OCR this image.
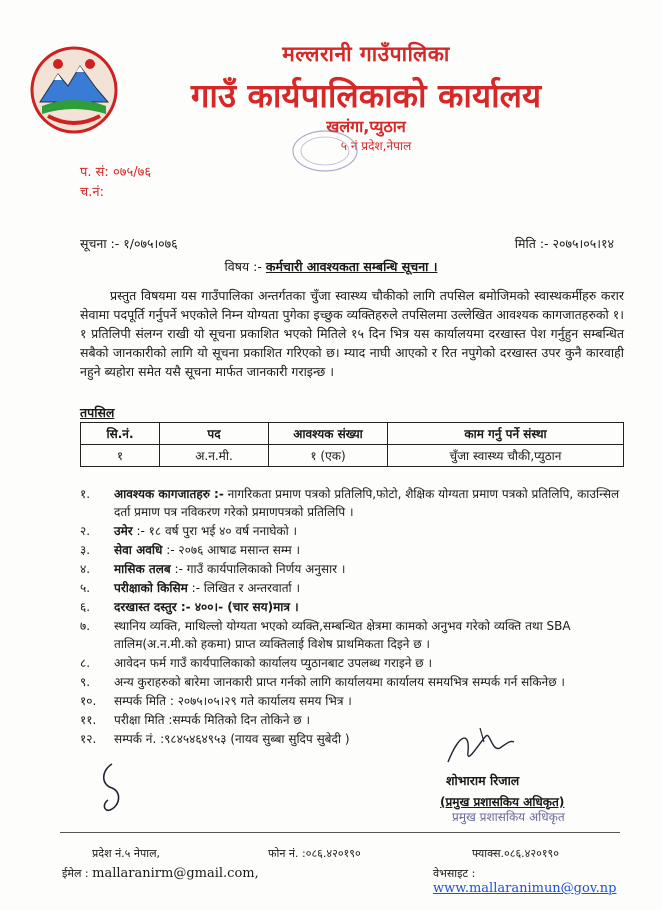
मल्लरानी गाउँपालिका
गाउँ कार्यपालिकाको कार्यालय
खलंगा,प्युठान
५ नं प्रदेश,नेपाल
प. सं: ०७५/७६
च.नं:
सूचना :- १/०७५।०७६	मिति :- २०७५।०५।१४
विषय :- कर्मचारी आवश्यकता सम्बन्धि सूचना ।
प्रस्तुत विषयमा यस गाउँपालिका अन्तर्गतका चुँजा स्वास्थ्य चौकीको लागि तपसिल बमोजिमको स्वास्थकर्मीहरु करार सेवामा पदपूर्ति गर्नुपर्ने भएकोले निम्न योग्यता पुगेका इच्छुक व्यक्तिहरुले तपसिलमा उल्लेखित आवश्यक कागजातहरुको १।१ प्रतिलिपी संलग्न राखी यो सूचना प्रकाशित भएको मितिले १५ दिन भित्र यस कार्यालयमा दरखास्त पेश गर्नुहुन सम्बन्धित सबैको जानकारीको लागि यो सूचना प्रकाशित गरिएको छ। म्याद नाघी आएको र रित नपुगेको दरखास्त उपर कुनै कारवाही नहुने ब्यहोरा समेत यसै सूचना मार्फत जानकारी गराइन्छ ।
तपसिल
सि.नं.	पद	आवश्यक संख्या	काम गर्नु पर्ने संस्था
१	अ.न.मी.	१ (एक)	चुँजा स्वास्थ्य चौकी,प्युठान
१.	आवश्यक कागजातहरु :- नागरिकता प्रमाण पत्रको प्रतिलिपि,फोटो, शैक्षिक योग्यता प्रमाण पत्रको प्रतिलिपि, काउन्सिल दर्ता प्रमाण पत्र नविकरण गरेको प्रमाणपत्रको प्रतिलिपि ।
२.	उमेर :- १८ वर्ष पुरा भई ४० वर्ष ननाघेको ।
३.	सेवा अवधि :- २०७६ आषाढ मसान्त सम्म ।
४.	मासिक तलब :- गाउँ कार्यपालिकाको निर्णय अनुसार ।
५.	परीक्षाको किसिम :- लिखित र अन्तरवार्ता ।
६.	दरखास्त दस्तुर :- ४००।- (चार सय)मात्र ।
७.	स्थानिय व्यक्ति, माथिल्लो योग्यता भएको व्यक्ति,सम्बन्धित क्षेत्रमा कामको अनुभव गरेको व्यक्ति तथा SBA तालिम(अ.न.मी.को हकमा) प्राप्त व्यक्तिलाई विशेष प्राथमिकता दिइने छ ।
८.	आवेदन फर्म गाउँ कार्यपालिकाको कार्यालय प्युठानबाट उपलब्ध गराइने छ ।
९.	अन्य कुराहरुको बारेमा जानकारी प्राप्त गर्नको लागि कार्यालयमा कार्यालय समयभित्र सम्पर्क गर्न सकिनेछ ।
१०.	सम्पर्क मिति : २०७५।०५।२९ गते कार्यालय समय भित्र ।
११.	परीक्षा मिति :सम्पर्क मितिको दिन तोकिने छ ।
१२.	सम्पर्क नं. :९८४५४६४९५३ (नायव सुब्बा सुदिप सुबेदी )
शोभाराम रिजाल
(प्रमुख प्रशासकिय अधिकृत)
प्रमुख प्रशासकिय अधिकृत
प्रदेश नं.५ नेपाल,	फोन नं. :०८६.४२०१९०	फ्याक्स.०८६.४२०१९०
ईमेल : mallaranirm@gmail.com,	वेभसाइट : www.mallaranimun@gov.np
